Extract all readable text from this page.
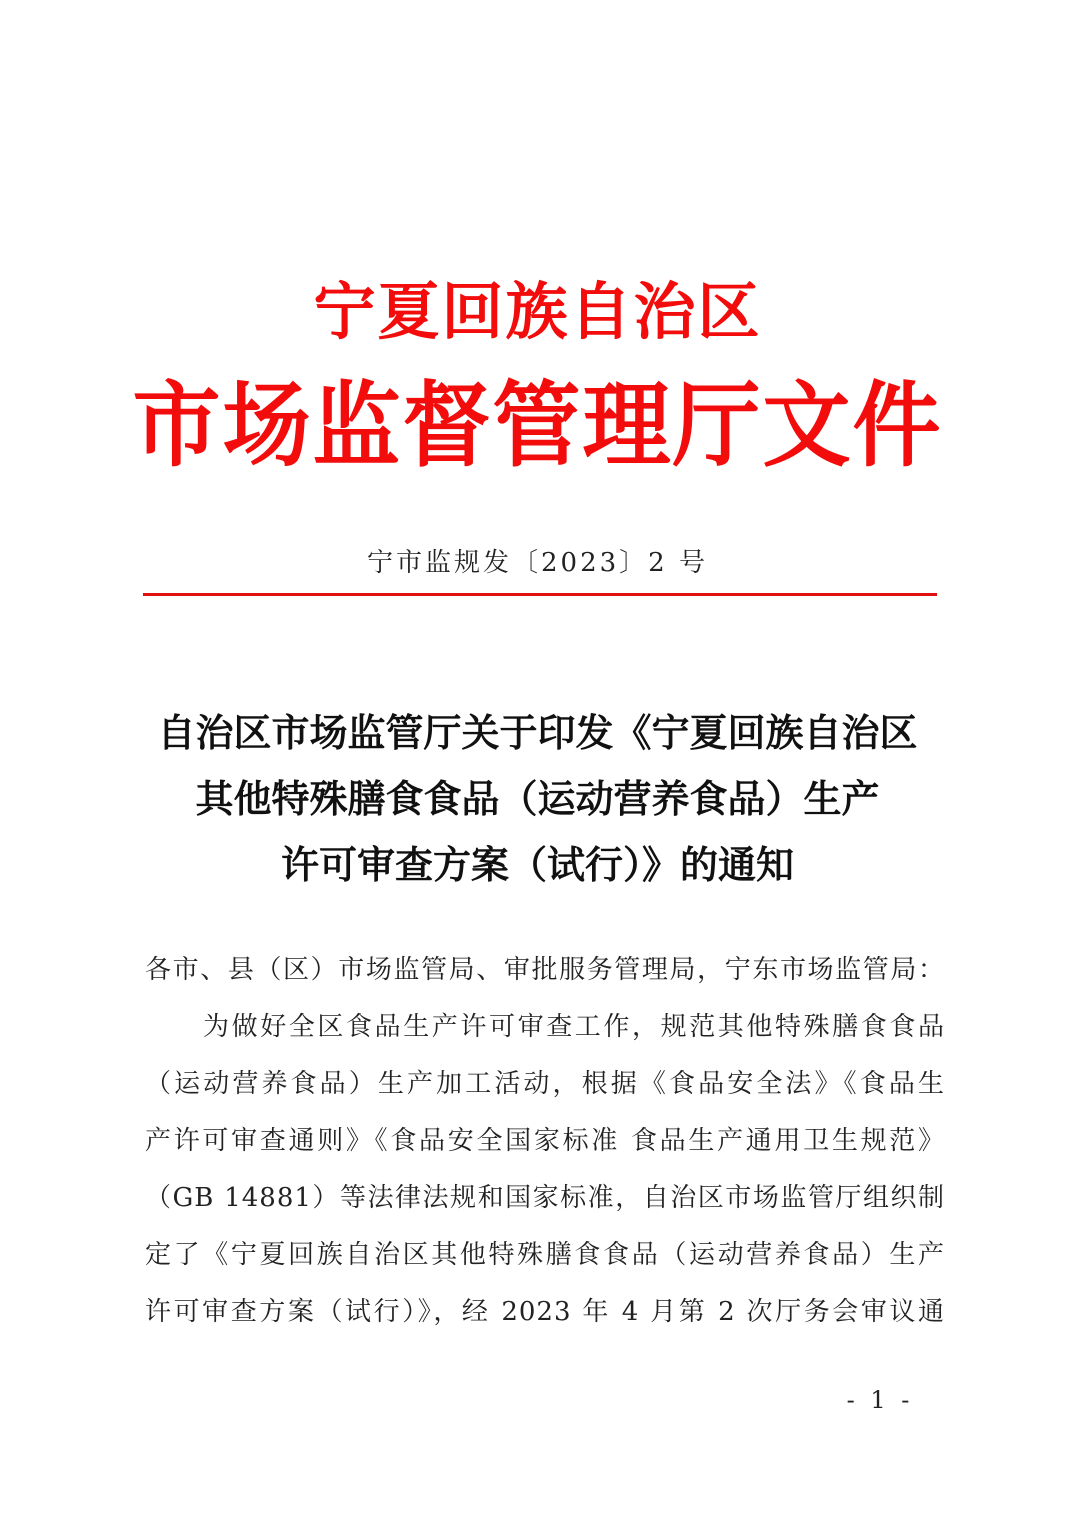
宁夏回族自治区
市场监督管理厅文件
宁市监规发〔2023〕2 号
自治区市场监管厅关于印发《宁夏回族自治区
其他特殊膳食食品（运动营养食品）生产
许可审查方案（试行）》的通知
各市、县（区）市场监管局、审批服务管理局，宁东市场监管局：
为做好全区食品生产许可审查工作，规范其他特殊膳食食品
（运动营养食品）生产加工活动，根据《食品安全法》《食品生
产许可审查通则》《食品安全国家标准 食品生产通用卫生规范》
（GB 14881）等法律法规和国家标准，自治区市场监管厅组织制
定了《宁夏回族自治区其他特殊膳食食品（运动营养食品）生产
许可审查方案（试行）》，经 2023 年 4 月第 2 次厅务会审议通
- 1 -
